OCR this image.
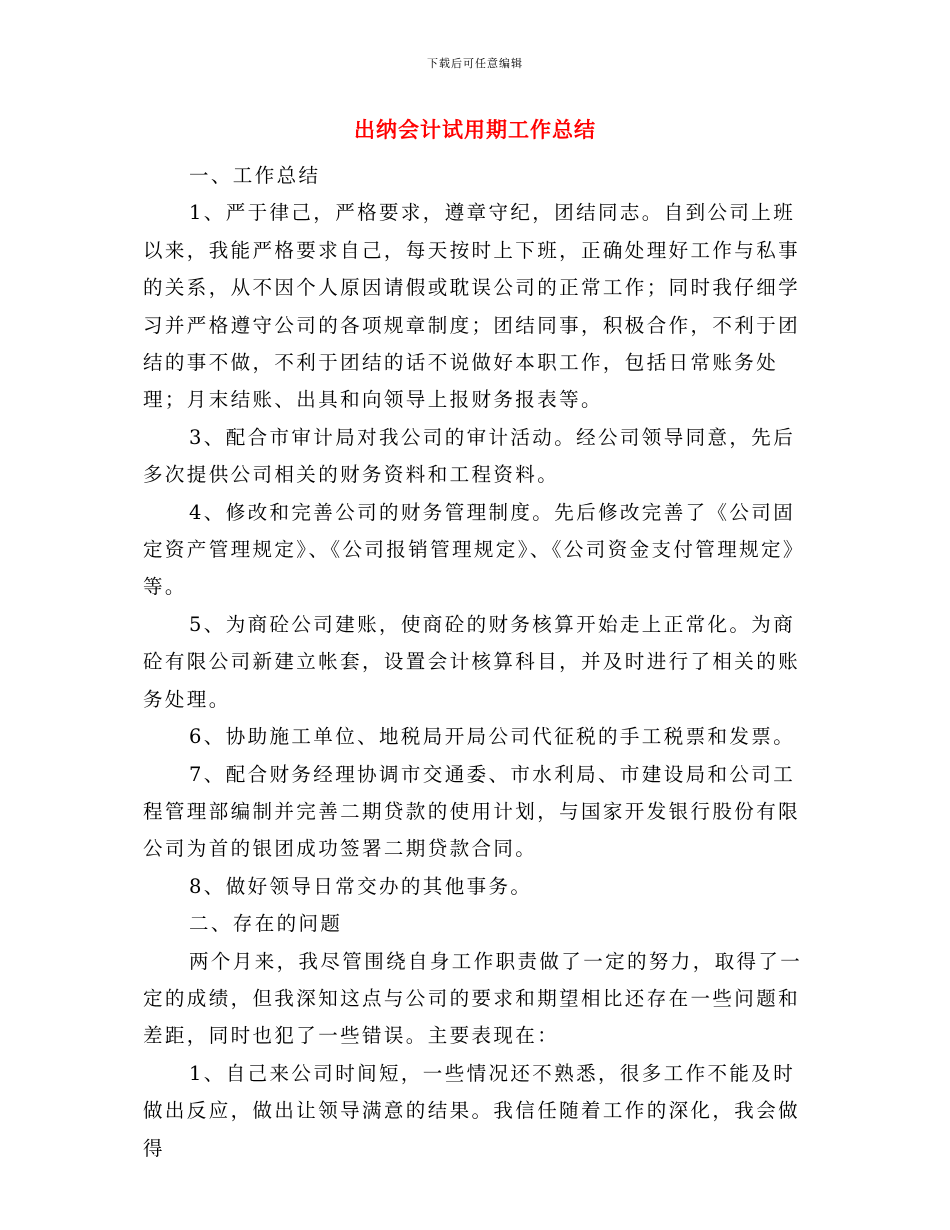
下载后可任意编辑
出纳会计试用期工作总结

一、工作总结

1、严于律己，严格要求，遵章守纪，团结同志。自到公司上班以来，我能严格要求自己，每天按时上下班，正确处理好工作与私事的关系，从不因个人原因请假或耽误公司的正常工作；同时我仔细学习并严格遵守公司的各项规章制度；团结同事，积极合作，不利于团结的事不做，不利于团结的话不说做好本职工作，包括日常账务处理；月末结账、出具和向领导上报财务报表等。

3、配合市审计局对我公司的审计活动。经公司领导同意，先后多次提供公司相关的财务资料和工程资料。

4、修改和完善公司的财务管理制度。先后修改完善了《公司固定资产管理规定》、《公司报销管理规定》、《公司资金支付管理规定》等。

5、为商砼公司建账，使商砼的财务核算开始走上正常化。为商砼有限公司新建立帐套，设置会计核算科目，并及时进行了相关的账务处理。

6、协助施工单位、地税局开局公司代征税的手工税票和发票。

7、配合财务经理协调市交通委、市水利局、市建设局和公司工程管理部编制并完善二期贷款的使用计划，与国家开发银行股份有限公司为首的银团成功签署二期贷款合同。

8、做好领导日常交办的其他事务。

二、存在的问题

两个月来，我尽管围绕自身工作职责做了一定的努力，取得了一定的成绩，但我深知这点与公司的要求和期望相比还存在一些问题和差距，同时也犯了一些错误。主要表现在：

1、自己来公司时间短，一些情况还不熟悉，很多工作不能及时做出反应，做出让领导满意的结果。我信任随着工作的深化，我会做得
